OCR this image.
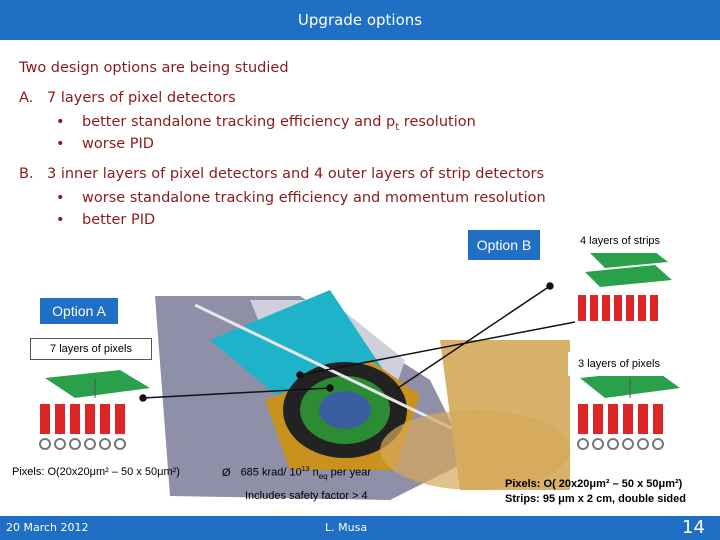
Upgrade options
Two design options are being studied
A. 7 layers of pixel detectors
• better standalone tracking efficiency and $p_t$ resolution
• worse PID
B. 3 inner layers of pixel detectors and 4 outer layers of strip detectors
• worse standalone tracking efficiency and momentum resolution
• better PID
Option B	4 layers of strips
Option A
7 layers of pixels
3 layers of pixels
Pixels: O(20x20μm² – 50 x 50μm²)	Ø 685 krad/ $10^{13}$ $n_{eq}$ per year
Includes safety factor > 4
Pixels: O( 20x20μm² – 50 x 50μm²)
Strips: 95 μm x 2 cm, double sided
20 March 2012	L. Musa	14
